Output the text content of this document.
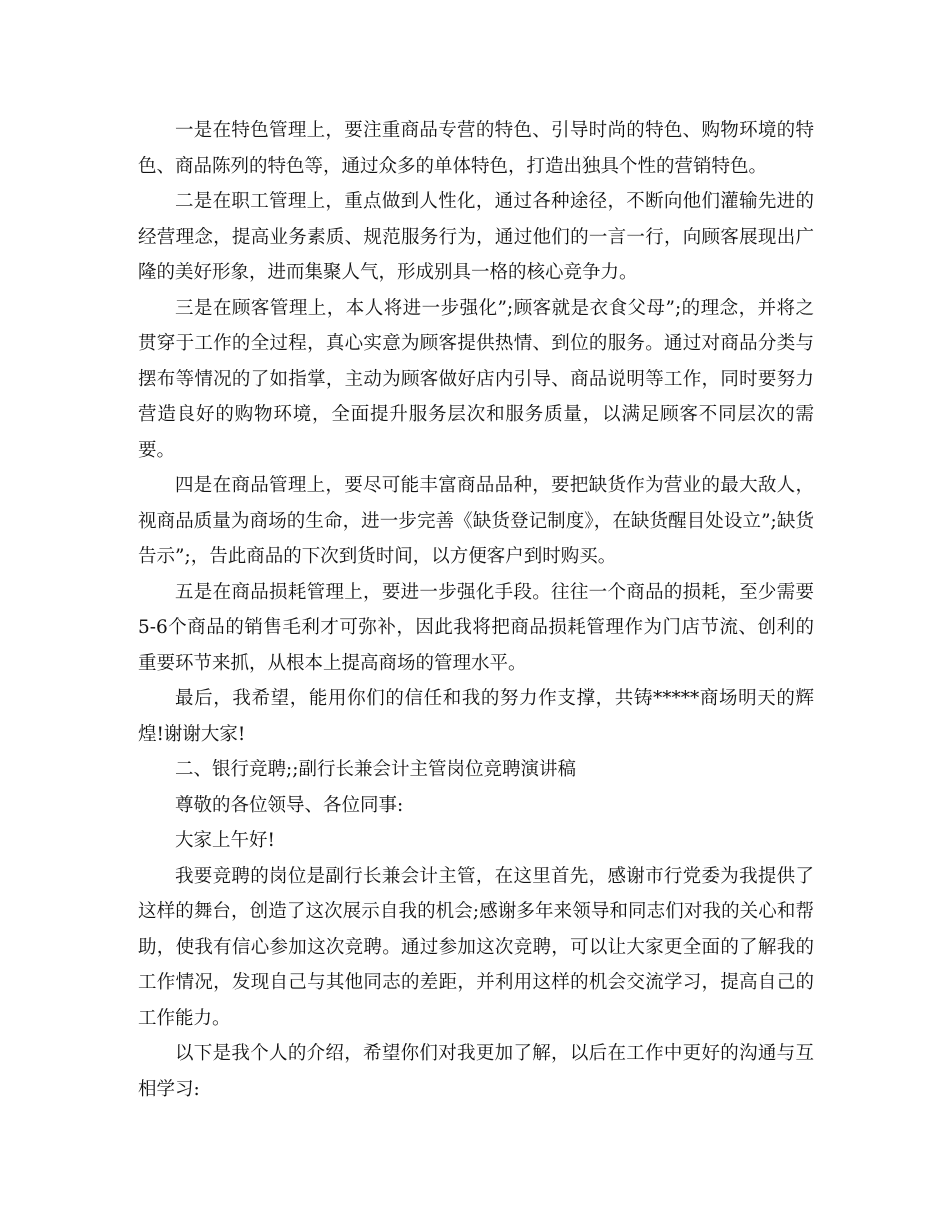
一是在特色管理上，要注重商品专营的特色、引导时尚的特色、购物环境的特色、商品陈列的特色等，通过众多的单体特色，打造出独具个性的营销特色。

二是在职工管理上，重点做到人性化，通过各种途径，不断向他们灌输先进的经营理念，提高业务素质、规范服务行为，通过他们的一言一行，向顾客展现出广隆的美好形象，进而集聚人气，形成别具一格的核心竞争力。

三是在顾客管理上，本人将进一步强化”;顾客就是衣食父母”;的理念，并将之贯穿于工作的全过程，真心实意为顾客提供热情、到位的服务。通过对商品分类与摆布等情况的了如指掌，主动为顾客做好店内引导、商品说明等工作，同时要努力营造良好的购物环境，全面提升服务层次和服务质量，以满足顾客不同层次的需要。

四是在商品管理上，要尽可能丰富商品品种，要把缺货作为营业的最大敌人，视商品质量为商场的生命，进一步完善《缺货登记制度》，在缺货醒目处设立”;缺货告示”;，告此商品的下次到货时间，以方便客户到时购买。

五是在商品损耗管理上，要进一步强化手段。往往一个商品的损耗，至少需要5-6个商品的销售毛利才可弥补，因此我将把商品损耗管理作为门店节流、创利的重要环节来抓，从根本上提高商场的管理水平。

最后，我希望，能用你们的信任和我的努力作支撑，共铸*****商场明天的辉煌!谢谢大家!

二、银行竞聘;;副行长兼会计主管岗位竞聘演讲稿

尊敬的各位领导、各位同事:

大家上午好!

我要竞聘的岗位是副行长兼会计主管，在这里首先，感谢市行党委为我提供了这样的舞台，创造了这次展示自我的机会;感谢多年来领导和同志们对我的关心和帮助，使我有信心参加这次竞聘。通过参加这次竞聘，可以让大家更全面的了解我的工作情况，发现自己与其他同志的差距，并利用这样的机会交流学习，提高自己的工作能力。

以下是我个人的介绍，希望你们对我更加了解，以后在工作中更好的沟通与互相学习:
